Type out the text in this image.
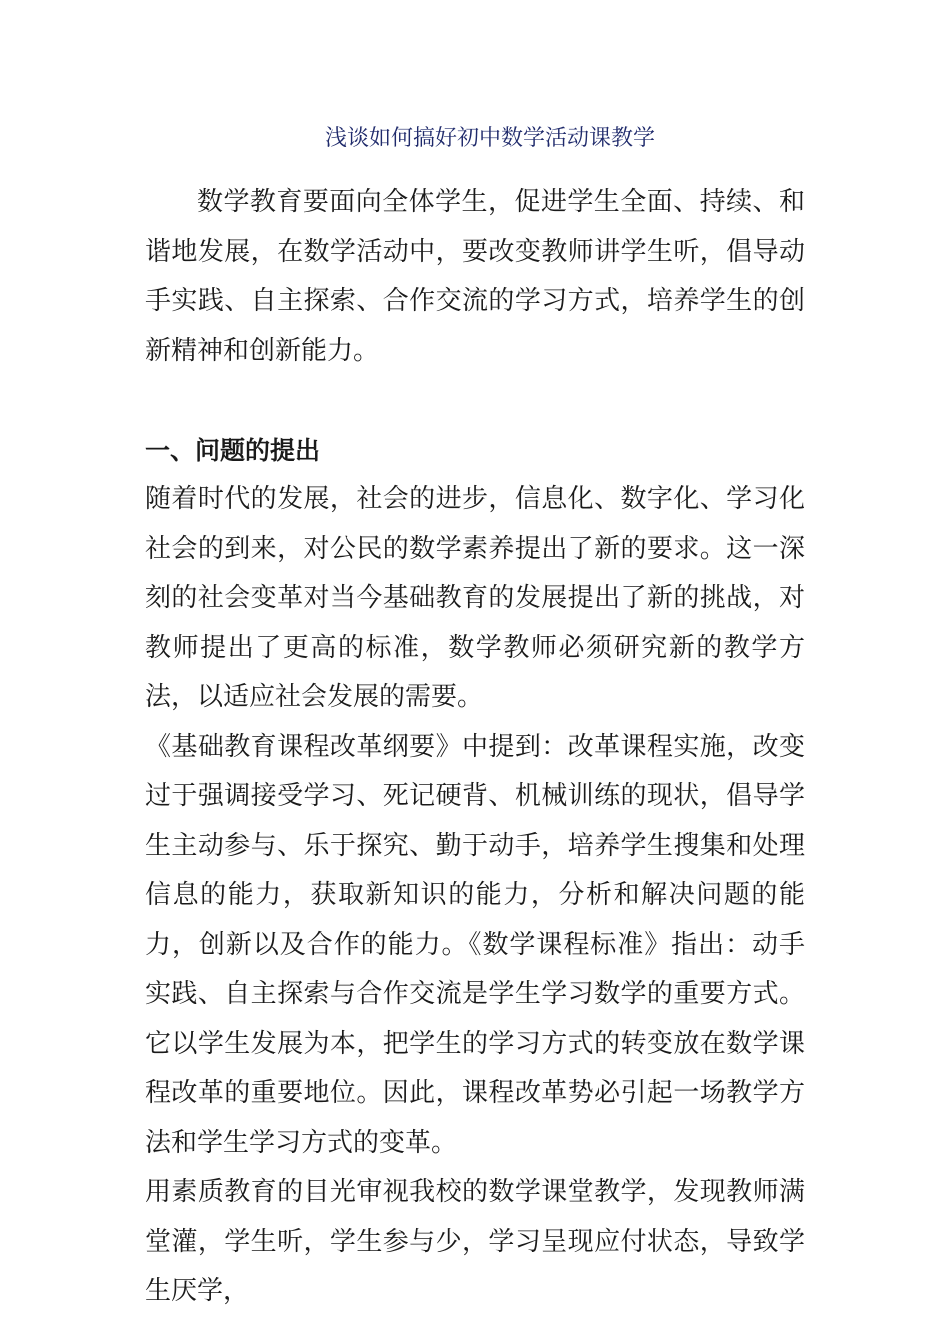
浅谈如何搞好初中数学活动课教学

数学教育要面向全体学生，促进学生全面、持续、和谐地发展，在数学活动中，要改变教师讲学生听，倡导动手实践、自主探索、合作交流的学习方式，培养学生的创新精神和创新能力。

一、问题的提出

随着时代的发展，社会的进步，信息化、数字化、学习化社会的到来，对公民的数学素养提出了新的要求。这一深刻的社会变革对当今基础教育的发展提出了新的挑战，对教师提出了更高的标准，数学教师必须研究新的教学方法，以适应社会发展的需要。

《基础教育课程改革纲要》中提到：改革课程实施，改变过于强调接受学习、死记硬背、机械训练的现状，倡导学生主动参与、乐于探究、勤于动手，培养学生搜集和处理信息的能力，获取新知识的能力，分析和解决问题的能力，创新以及合作的能力。《数学课程标准》指出：动手实践、自主探索与合作交流是学生学习数学的重要方式。它以学生发展为本，把学生的学习方式的转变放在数学课程改革的重要地位。因此，课程改革势必引起一场教学方法和学生学习方式的变革。

用素质教育的目光审视我校的数学课堂教学，发现教师满堂灌，学生听，学生参与少，学习呈现应付状态，导致学生厌学，
